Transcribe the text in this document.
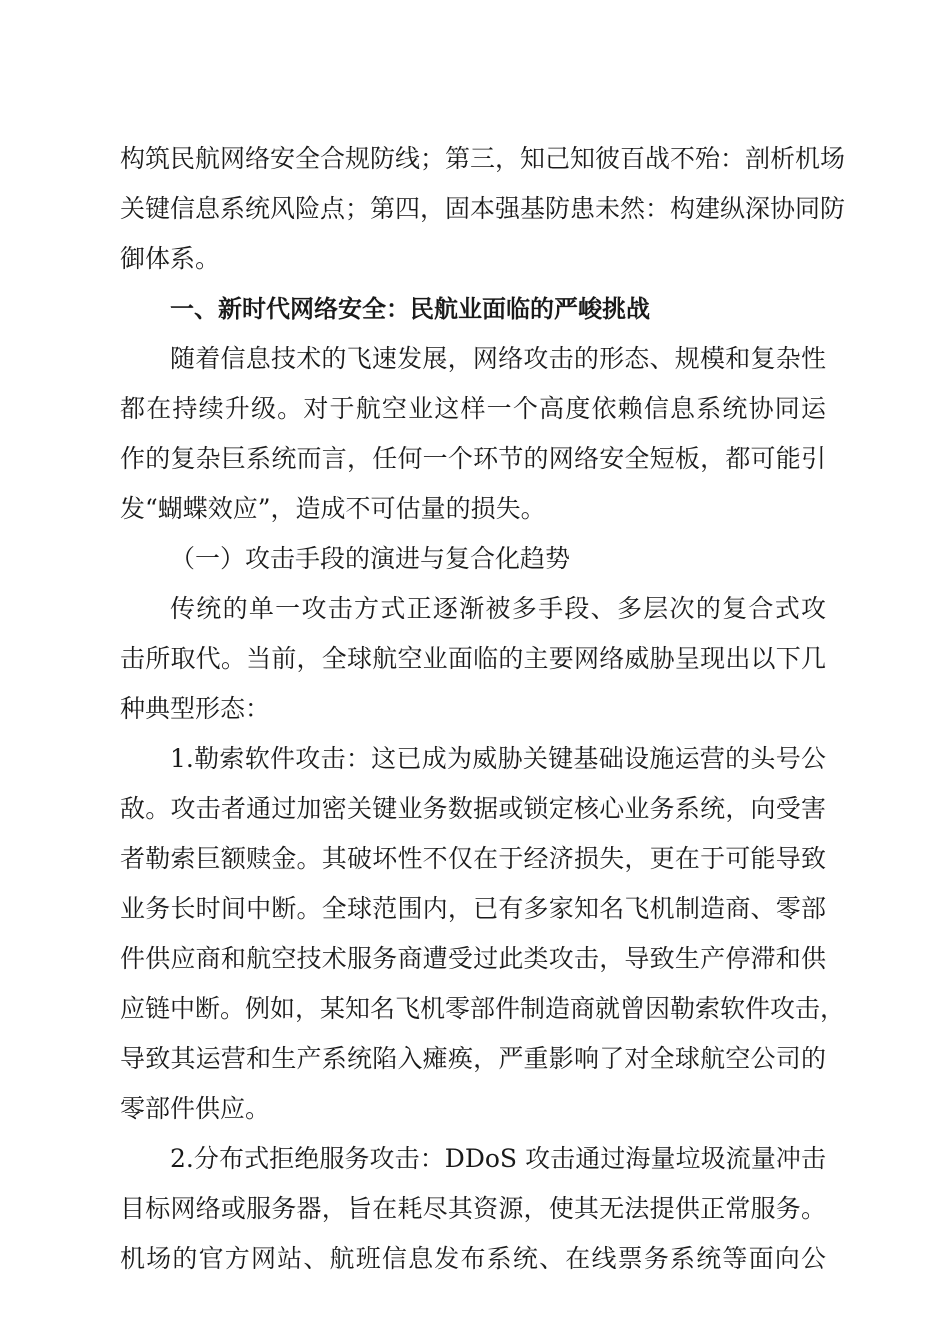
构筑民航网络安全合规防线；第三，知己知彼百战不殆：剖析机场
关键信息系统风险点；第四，固本强基防患未然：构建纵深协同防
御体系。
一、新时代网络安全：民航业面临的严峻挑战
随着信息技术的飞速发展，网络攻击的形态、规模和复杂性
都在持续升级。对于航空业这样一个高度依赖信息系统协同运
作的复杂巨系统而言，任何一个环节的网络安全短板，都可能引
发“蝴蝶效应”，造成不可估量的损失。
（一）攻击手段的演进与复合化趋势
传统的单一攻击方式正逐渐被多手段、多层次的复合式攻
击所取代。当前，全球航空业面临的主要网络威胁呈现出以下几
种典型形态：
1.勒索软件攻击：这已成为威胁关键基础设施运营的头号公
敌。攻击者通过加密关键业务数据或锁定核心业务系统，向受害
者勒索巨额赎金。其破坏性不仅在于经济损失，更在于可能导致
业务长时间中断。全球范围内，已有多家知名飞机制造商、零部
件供应商和航空技术服务商遭受过此类攻击，导致生产停滞和供
应链中断。例如，某知名飞机零部件制造商就曾因勒索软件攻击，
导致其运营和生产系统陷入瘫痪，严重影响了对全球航空公司的
零部件供应。
2.分布式拒绝服务攻击：DDoS 攻击通过海量垃圾流量冲击
目标网络或服务器，旨在耗尽其资源，使其无法提供正常服务。
机场的官方网站、航班信息发布系统、在线票务系统等面向公
